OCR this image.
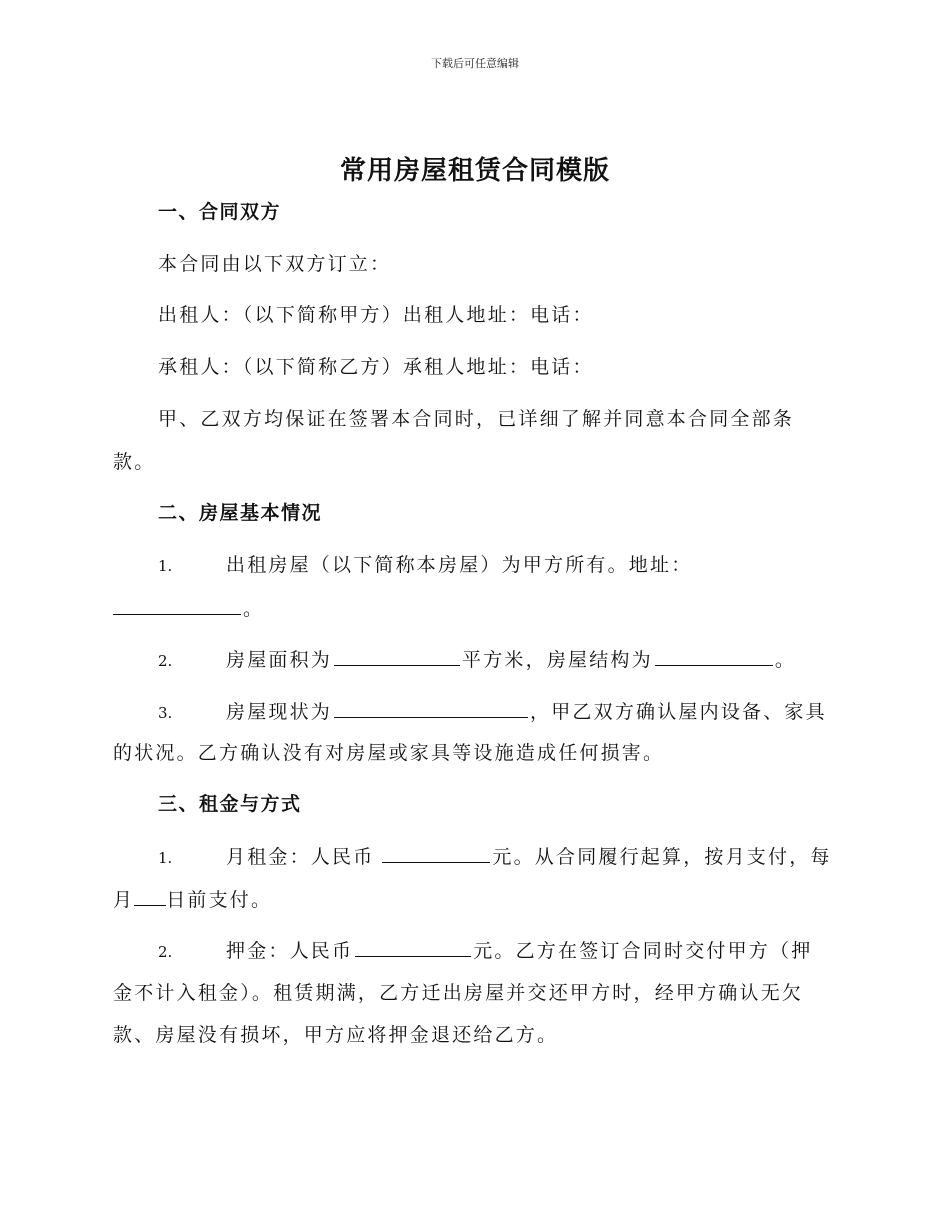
下载后可任意编辑
常用房屋租赁合同模版
一、合同双方
本合同由以下双方订立：
出租人：（以下简称甲方）出租人地址：电话：
承租人：（以下简称乙方）承租人地址：电话：
甲、乙双方均保证在签署本合同时，已详细了解并同意本合同全部条
款。
二、房屋基本情况
1.	出租房屋（以下简称本房屋）为甲方所有。地址：
。
2.	房屋面积为	平方米，房屋结构为	。
3.	房屋现状为	，甲乙双方确认屋内设备、家具
的状况。乙方确认没有对房屋或家具等设施造成任何损害。
三、租金与方式
1.	月租金：人民币	元。从合同履行起算，按月支付，每
月 日前支付。
2.	押金：人民币	元。乙方在签订合同时交付甲方（押
金不计入租金）。租赁期满，乙方迁出房屋并交还甲方时，经甲方确认无欠
款、房屋没有损坏，甲方应将押金退还给乙方。
